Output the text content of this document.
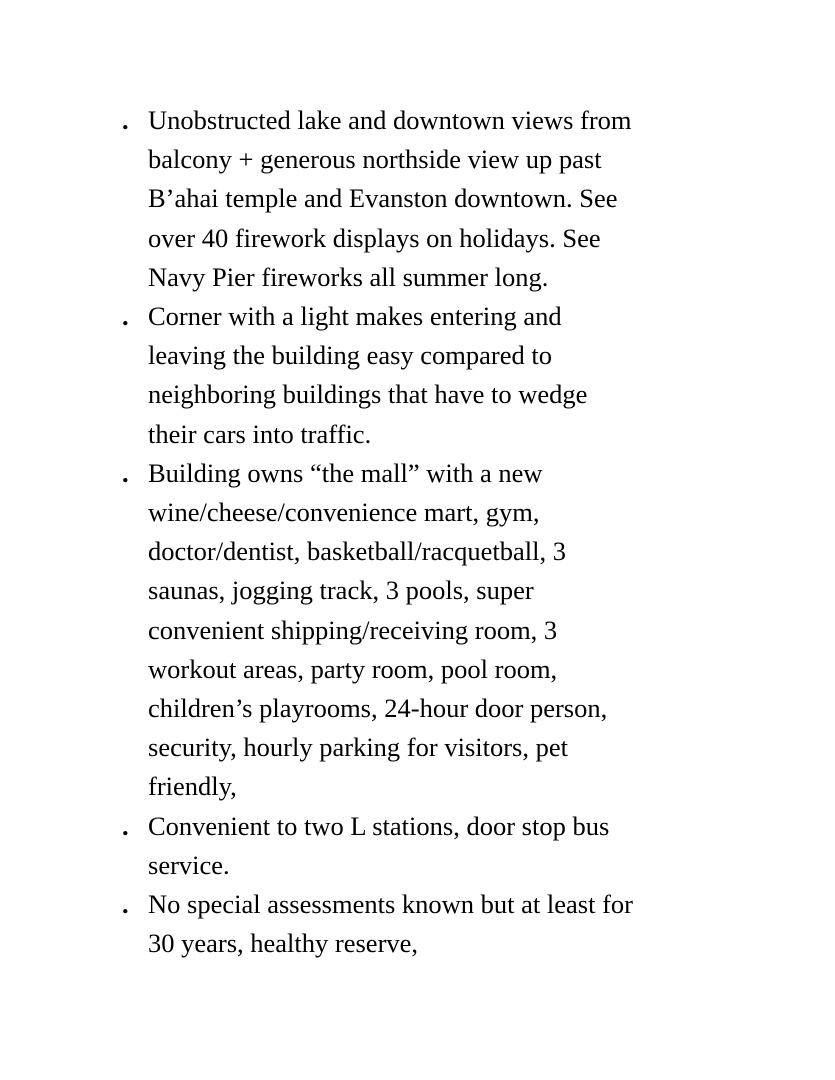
. Unobstructed lake and downtown views from
balcony + generous northside view up past
B’ahai temple and Evanston downtown. See
over 40 firework displays on holidays. See
Navy Pier fireworks all summer long.
. Corner with a light makes entering and
leaving the building easy compared to
neighboring buildings that have to wedge
their cars into traffic.
. Building owns “the mall” with a new
wine/cheese/convenience mart, gym,
doctor/dentist, basketball/racquetball, 3
saunas, jogging track, 3 pools, super
convenient shipping/receiving room, 3
workout areas, party room, pool room,
children’s playrooms, 24-hour door person,
security, hourly parking for visitors, pet
friendly,
. Convenient to two L stations, door stop bus
service.
. No special assessments known but at least for
30 years, healthy reserve,
